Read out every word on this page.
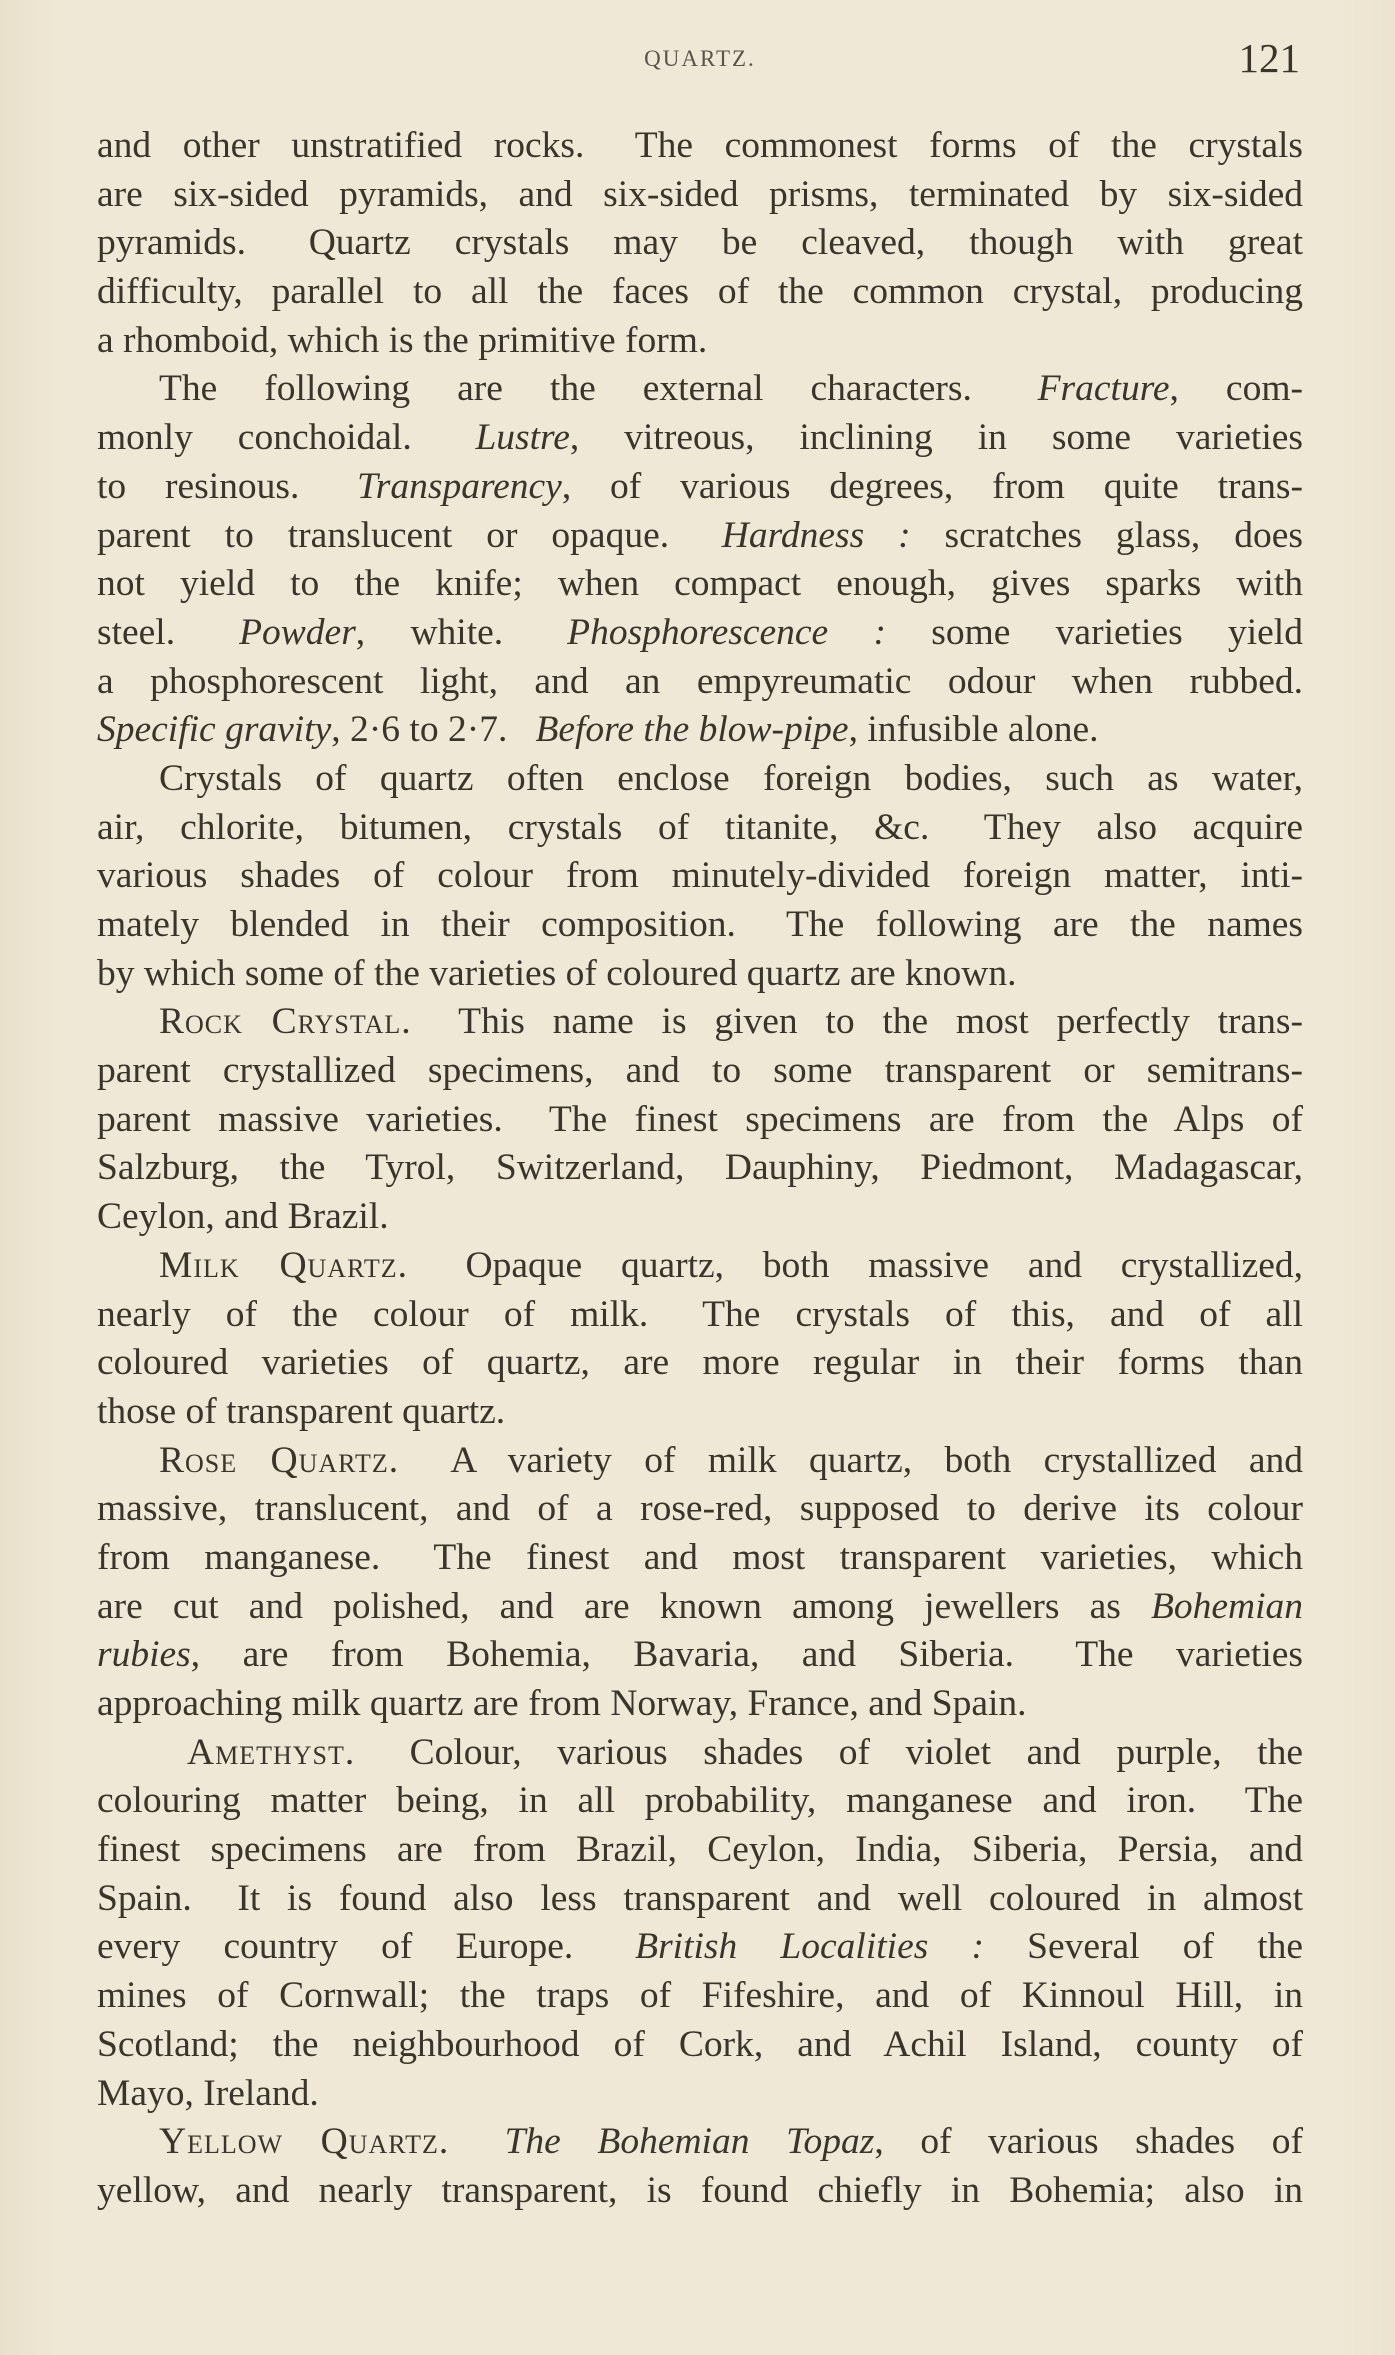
QUARTZ.	121
and other unstratified rocks.  The commonest forms of the crystals
are six-sided pyramids, and six-sided prisms, terminated by six-sided
pyramids.  Quartz crystals may be cleaved, though with great
difficulty, parallel to all the faces of the common crystal, producing
a rhomboid, which is the primitive form.
The following are the external characters.  Fracture, com-
monly conchoidal.  Lustre, vitreous, inclining in some varieties
to resinous.  Transparency, of various degrees, from quite trans-
parent to translucent or opaque.  Hardness : scratches glass, does
not yield to the knife; when compact enough, gives sparks with
steel.  Powder, white.  Phosphorescence : some varieties yield
a phosphorescent light, and an empyreumatic odour when rubbed.
Specific gravity, 2·6 to 2·7.  Before the blow-pipe, infusible alone.
Crystals of quartz often enclose foreign bodies, such as water,
air, chlorite, bitumen, crystals of titanite, &c.  They also acquire
various shades of colour from minutely-divided foreign matter, inti-
mately blended in their composition.  The following are the names
by which some of the varieties of coloured quartz are known.
Rock Crystal.  This name is given to the most perfectly trans-
parent crystallized specimens, and to some transparent or semitrans-
parent massive varieties.  The finest specimens are from the Alps of
Salzburg, the Tyrol, Switzerland, Dauphiny, Piedmont, Madagascar,
Ceylon, and Brazil.
Milk Quartz.  Opaque quartz, both massive and crystallized,
nearly of the colour of milk.  The crystals of this, and of all
coloured varieties of quartz, are more regular in their forms than
those of transparent quartz.
Rose Quartz.  A variety of milk quartz, both crystallized and
massive, translucent, and of a rose-red, supposed to derive its colour
from manganese.  The finest and most transparent varieties, which
are cut and polished, and are known among jewellers as Bohemian
rubies, are from Bohemia, Bavaria, and Siberia.  The varieties
approaching milk quartz are from Norway, France, and Spain.
Amethyst.  Colour, various shades of violet and purple, the
colouring matter being, in all probability, manganese and iron.  The
finest specimens are from Brazil, Ceylon, India, Siberia, Persia, and
Spain.  It is found also less transparent and well coloured in almost
every country of Europe.  British Localities : Several of the
mines of Cornwall; the traps of Fifeshire, and of Kinnoul Hill, in
Scotland; the neighbourhood of Cork, and Achil Island, county of
Mayo, Ireland.
Yellow Quartz.   The Bohemian Topaz, of various shades of
yellow, and nearly transparent, is found chiefly in Bohemia; also in
